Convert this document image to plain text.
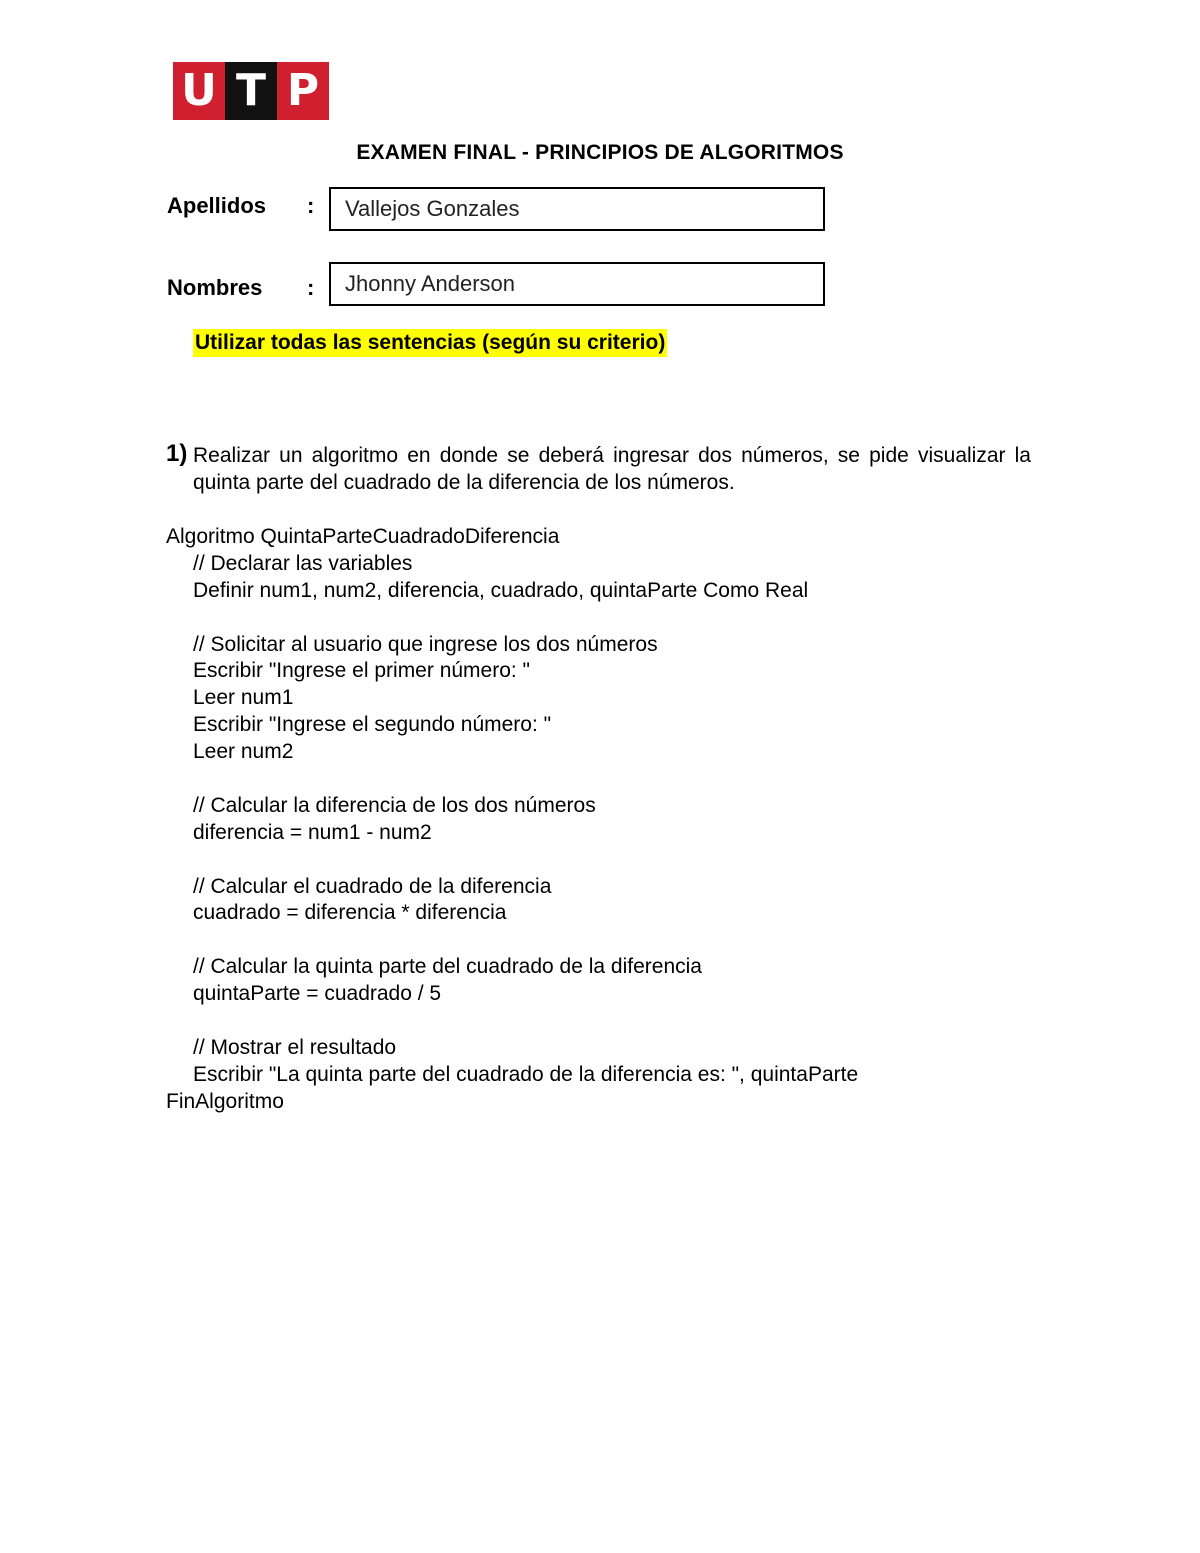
U T P
EXAMEN FINAL - PRINCIPIOS DE ALGORITMOS
Apellidos :	Vallejos Gonzales
Nombres :	Jhonny Anderson
Utilizar todas las sentencias (según su criterio)
1) Realizar un algoritmo en donde se deberá ingresar dos números, se pide visualizar la quinta parte del cuadrado de la diferencia de los números.
Algoritmo QuintaParteCuadradoDiferencia
// Declarar las variables
Definir num1, num2, diferencia, cuadrado, quintaParte Como Real
// Solicitar al usuario que ingrese los dos números
Escribir "Ingrese el primer número: "
Leer num1
Escribir "Ingrese el segundo número: "
Leer num2
// Calcular la diferencia de los dos números
diferencia = num1 - num2
// Calcular el cuadrado de la diferencia
cuadrado = diferencia * diferencia
// Calcular la quinta parte del cuadrado de la diferencia
quintaParte = cuadrado / 5
// Mostrar el resultado
Escribir "La quinta parte del cuadrado de la diferencia es: ", quintaParte
FinAlgoritmo
